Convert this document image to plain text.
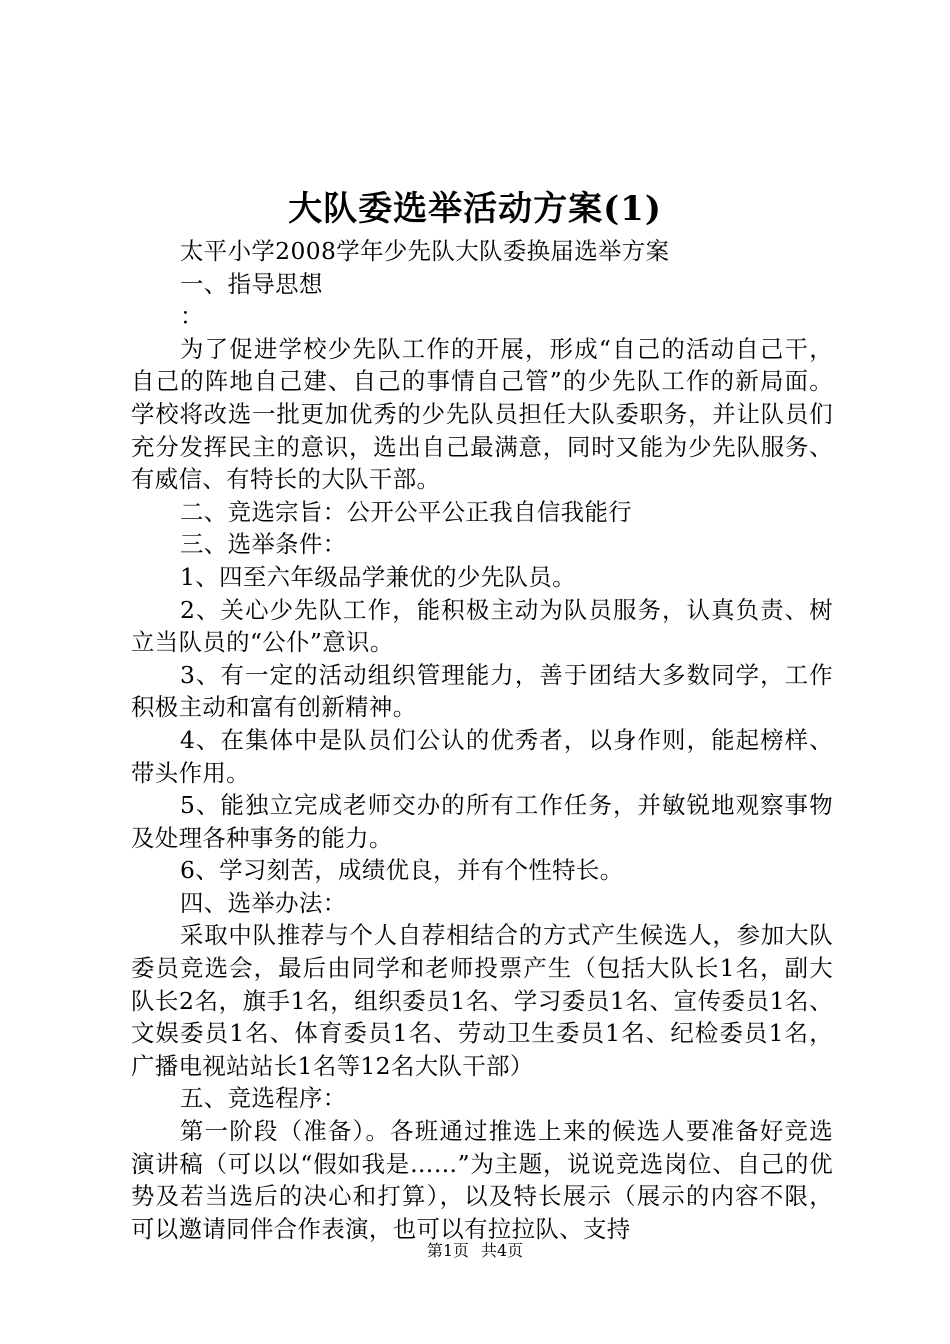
大队委选举活动方案(1)

太平小学2008学年少先队大队委换届选举方案

一、指导思想

：

为了促进学校少先队工作的开展，形成“自己的活动自己干，自己的阵地自己建、自己的事情自己管”的少先队工作的新局面。学校将改选一批更加优秀的少先队员担任大队委职务，并让队员们充分发挥民主的意识，选出自己最满意，同时又能为少先队服务、有威信、有特长的大队干部。

二、竞选宗旨：公开公平公正我自信我能行

三、选举条件：

1、四至六年级品学兼优的少先队员。

2、关心少先队工作，能积极主动为队员服务，认真负责、树立当队员的“公仆”意识。

3、有一定的活动组织管理能力，善于团结大多数同学，工作积极主动和富有创新精神。

4、在集体中是队员们公认的优秀者，以身作则，能起榜样、带头作用。

5、能独立完成老师交办的所有工作任务，并敏锐地观察事物及处理各种事务的能力。

6、学习刻苦，成绩优良，并有个性特长。

四、选举办法：

采取中队推荐与个人自荐相结合的方式产生候选人，参加大队委员竞选会，最后由同学和老师投票产生（包括大队长1名，副大队长2名，旗手1名，组织委员1名、学习委员1名、宣传委员1名、文娱委员1名、体育委员1名、劳动卫生委员1名、纪检委员1名，广播电视站站长1名等12名大队干部）

五、竞选程序：

第一阶段（准备）。各班通过推选上来的候选人要准备好竞选演讲稿（可以以“假如我是……”为主题，说说竞选岗位、自己的优势及若当选后的决心和打算），以及特长展示（展示的内容不限，可以邀请同伴合作表演，也可以有拉拉队、支持

第1页 共4页
